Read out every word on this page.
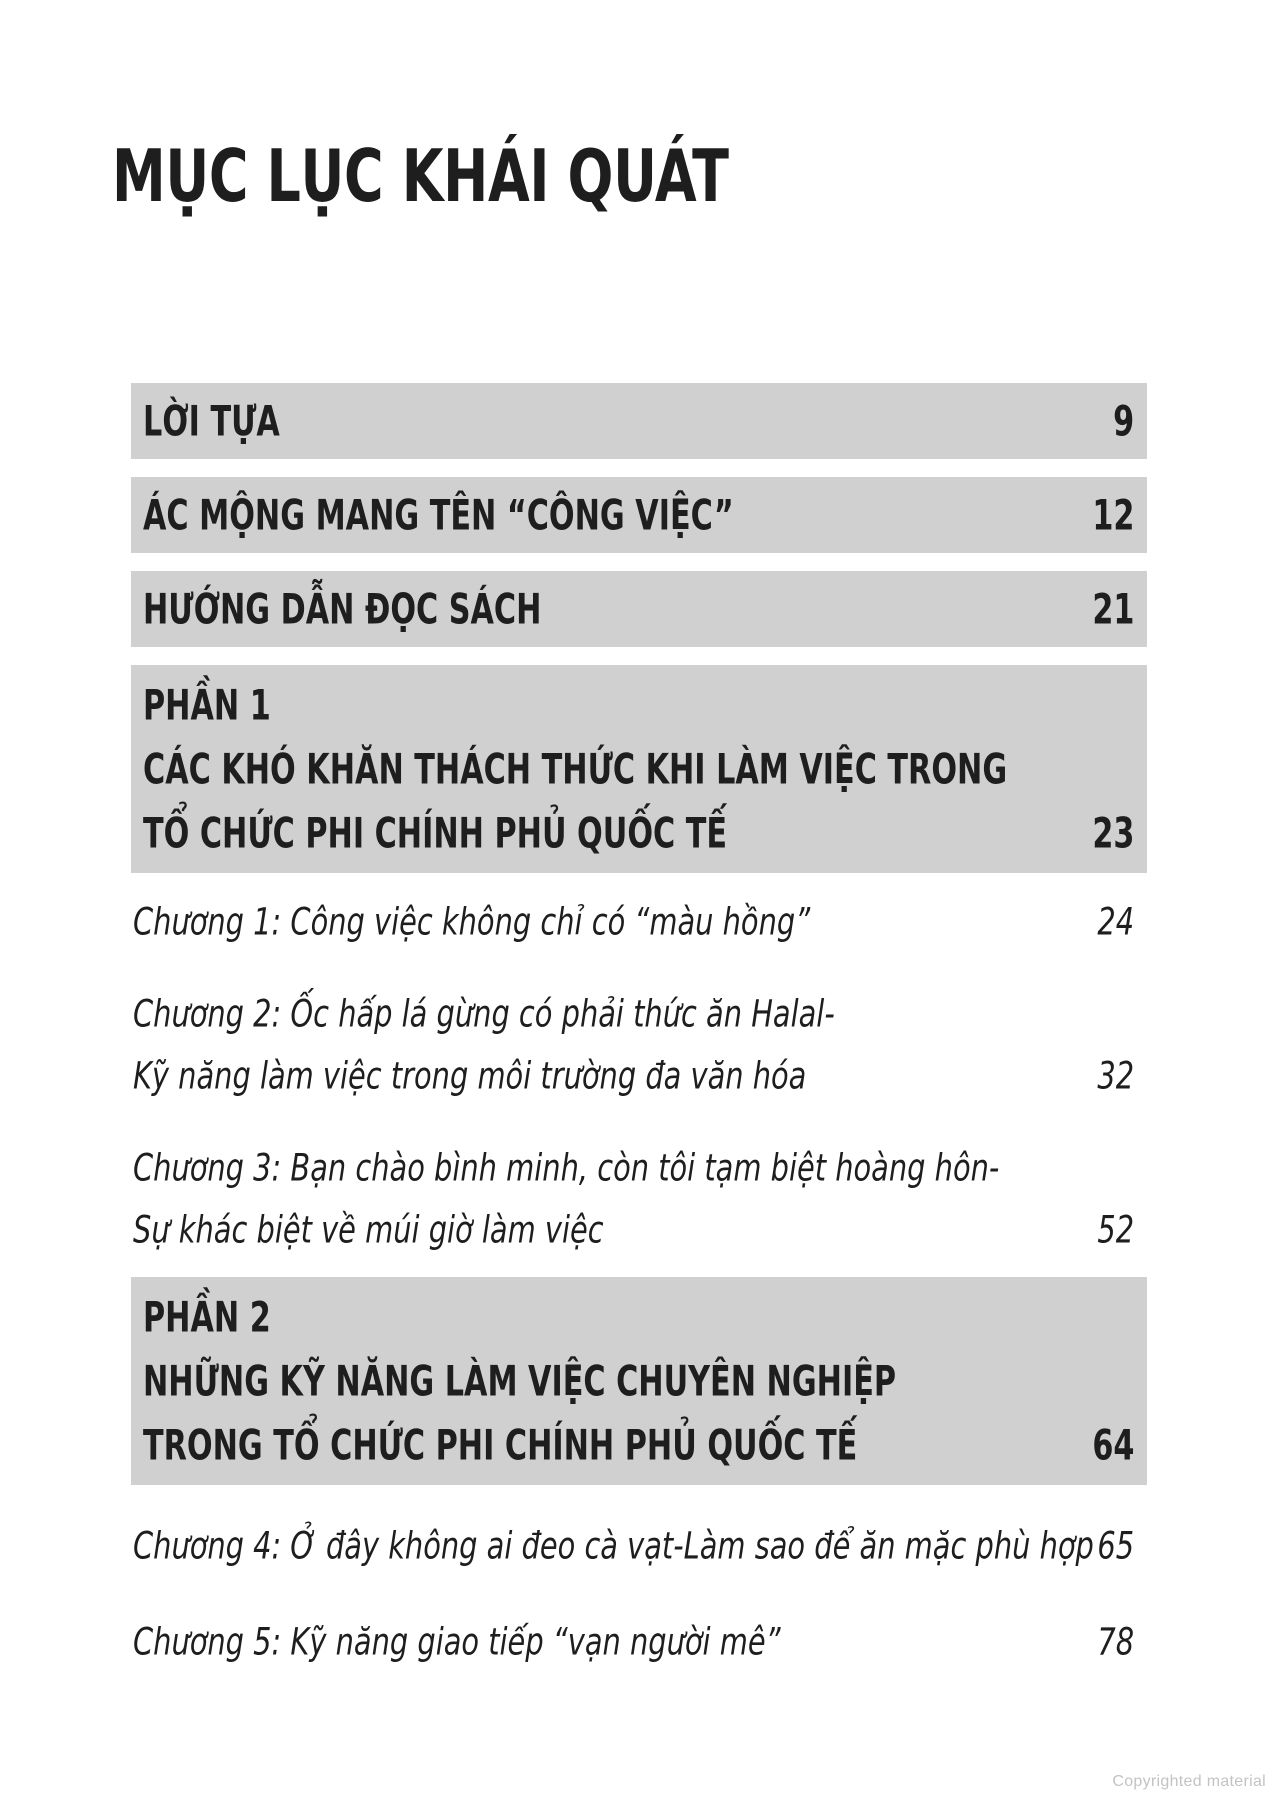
MỤC LỤC KHÁI QUÁT
LỜI TỰA	9
ÁC MỘNG MANG TÊN “CÔNG VIỆC”	12
HƯỚNG DẪN ĐỌC SÁCH	21
PHẦN 1
CÁC KHÓ KHĂN THÁCH THỨC KHI LÀM VIỆC TRONG
TỔ CHỨC PHI CHÍNH PHỦ QUỐC TẾ	23
Chương 1: Công việc không chỉ có “màu hồng”	24
Chương 2: Ốc hấp lá gừng có phải thức ăn Halal-
Kỹ năng làm việc trong môi trường đa văn hóa	32
Chương 3: Bạn chào bình minh, còn tôi tạm biệt hoàng hôn-
Sự khác biệt về múi giờ làm việc	52
PHẦN 2
NHỮNG KỸ NĂNG LÀM VIỆC CHUYÊN NGHIỆP
TRONG TỔ CHỨC PHI CHÍNH PHỦ QUỐC TẾ	64
Chương 4: Ở đây không ai đeo cà vạt-Làm sao để ăn mặc phù hợp 65
Chương 5: Kỹ năng giao tiếp “vạn người mê”	78
Copyrighted material
